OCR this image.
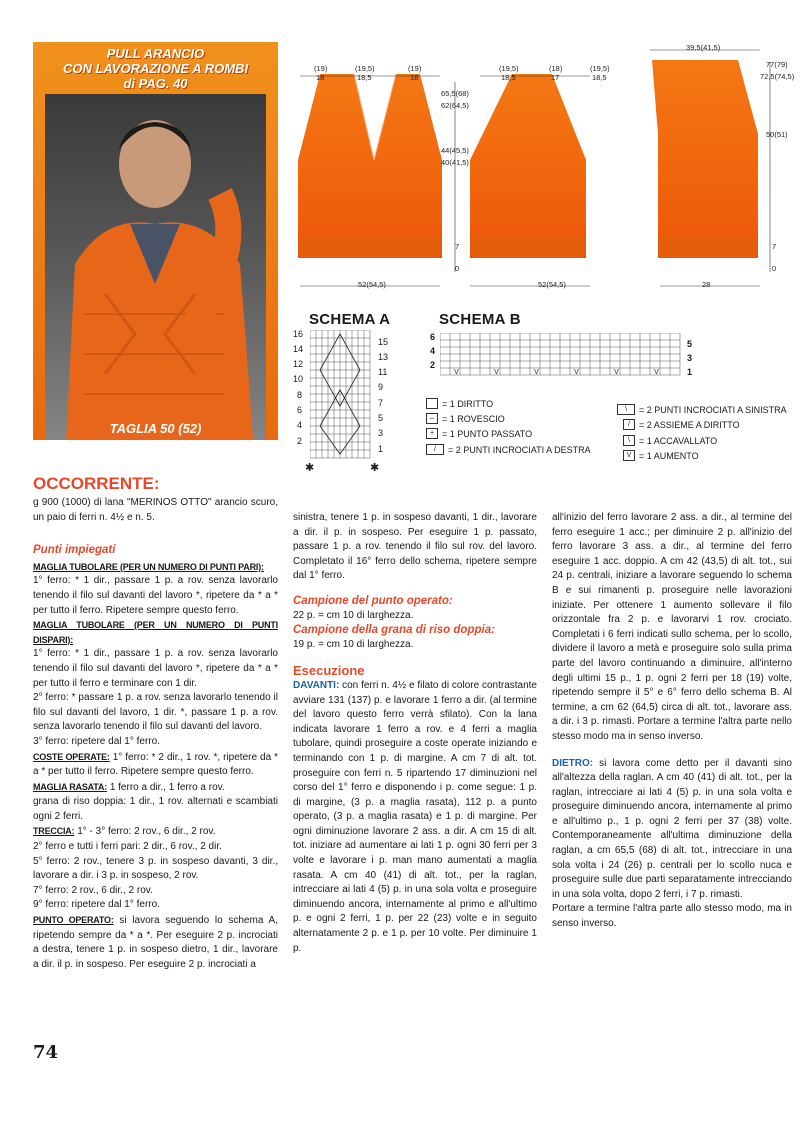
PULL ARANCIO
CON LAVORAZIONE A ROMBI
di PAG. 40
TAGLIA 50 (52)
(19)
18
(19,5)
18,5
(19)
18
65,5(68)
62(64,5)
44(45,5)
40(41,5)
7
0
52(54,5)
(19,5)
18,5
(18)
17
(19,5)
18,5
52(54,5)
39,5(41,5)
77(79)
72,5(74,5)
50(51)
7
0
28
SCHEMA A
16
14
12
10
8
6
4
2
15
13
11
9
7
5
3
1
✱	✱
SCHEMA B
V	V	V	V	V	V
6
4
2
5
3
1
= 1 DIRITTO
– = 1 ROVESCIO
+ = 1 PUNTO PASSATO
/	= 2 PUNTI INCROCIATI A DESTRA
\	= 2 PUNTI INCROCIATI A SINISTRA
/	= 2 ASSIEME A DIRITTO
\	= 1 ACCAVALLATO
V = 1 AUMENTO
OCCORRENTE:

g 900 (1000) di lana "MERINOS OTTO" arancio scuro, un paio di ferri n. 4½ e n. 5.

Punti impiegati

MAGLIA TUBOLARE (PER UN NUMERO DI PUNTI PARI):

1° ferro: * 1 dir., passare 1 p. a rov. senza lavorarlo tenendo il filo sul davanti del lavoro *, ripetere da * a * per tutto il ferro. Ripetere sempre questo ferro.

MAGLIA TUBOLARE (PER UN NUMERO DI PUNTI DISPARI):

1° ferro: * 1 dir., passare 1 p. a rov. senza lavorarlo tenendo il filo sul davanti del lavoro *, ripetere da * a * per tutto il ferro e terminare con 1 dir.

2° ferro: * passare 1 p. a rov. senza lavorarlo tenendo il filo sul davanti del lavoro, 1 dir. *, passare 1 p. a rov. senza lavorarlo tenendo il filo sul davanti del lavoro.

3° ferro: ripetere dal 1° ferro.

COSTE OPERATE: 1° ferro: * 2 dir., 1 rov. *, ripetere da * a * per tutto il ferro. Ripetere sempre questo ferro.

MAGLIA RASATA: 1 ferro a dir., 1 ferro a rov.

grana di riso doppia: 1 dir., 1 rov. alternati e scambiati ogni 2 ferri.

TRECCIA: 1° - 3° ferro: 2 rov., 6 dir., 2 rov.

2° ferro e tutti i ferri pari: 2 dir., 6 rov., 2 dir.

5° ferro: 2 rov., tenere 3 p. in sospeso davanti, 3 dir., lavorare a dir. i 3 p. in sospeso, 2 rov.

7° ferro: 2 rov., 6 dir., 2 rov.

9° ferro: ripetere dal 1° ferro.

PUNTO OPERATO: si lavora seguendo lo schema A, ripetendo sempre da * a *. Per eseguire 2 p. incrociati a destra, tenere 1 p. in sospeso dietro, 1 dir., lavorare a dir. il p. in sospeso. Per eseguire 2 p. incrociati a

sinistra, tenere 1 p. in sospeso davanti, 1 dir., lavorare a dir. il p. in sospeso. Per eseguire 1 p. passato, passare 1 p. a rov. tenendo il filo sul rov. del lavoro. Completato il 16° ferro dello schema, ripetere sempre dal 1° ferro.

Campione del punto operato:

22 p. = cm 10 di larghezza.

Campione della grana di riso doppia:

19 p. = cm 10 di larghezza.

Esecuzione

DAVANTI: con ferri n. 4½ e filato di colore contrastante avviare 131 (137) p. e lavorare 1 ferro a dir. (al termine del lavoro questo ferro verrà sfilato). Con la lana indicata lavorare 1 ferro a rov. e 4 ferri a maglia tubolare, quindi proseguire a coste operate iniziando e terminando con 1 p. di margine. A cm 7 di alt. tot. proseguire con ferri n. 5 ripartendo 17 diminuzioni nel corso del 1° ferro e disponendo i p. come segue: 1 p. di margine, (3 p. a maglia rasata), 112 p. a punto operato, (3 p. a maglia rasata) e 1 p. di margine. Per ogni diminuzione lavorare 2 ass. a dir. A cm 15 di alt. tot. iniziare ad aumentare ai lati 1 p. ogni 30 ferri per 3 volte e lavorare i p. man mano aumentati a maglia rasata. A cm 40 (41) di alt. tot., per la raglan, intrecciare ai lati 4 (5) p. in una sola volta e proseguire diminuendo ancora, internamente al primo e all'ultimo p. e ogni 2 ferri, 1 p. per 22 (23) volte e in seguito alternatamente 2 p. e 1 p. per 10 volte. Per diminuire 1 p.

all'inizio del ferro lavorare 2 ass. a dir., al termine del ferro eseguire 1 acc.; per diminuire 2 p. all'inizio del ferro lavorare 3 ass. a dir., al termine del ferro eseguire 1 acc. doppio. A cm 42 (43,5) di alt. tot., sui 24 p. centrali, iniziare a lavorare seguendo lo schema B e sui rimanenti p. proseguire nelle lavorazioni iniziate. Per ottenere 1 aumento sollevare il filo orizzontale fra 2 p. e lavorarvi 1 rov. crociato. Completati i 6 ferri indicati sullo schema, per lo scollo, dividere il lavoro a metà e proseguire solo sulla prima parte del lavoro continuando a diminuire, all'interno degli ultimi 15 p., 1 p. ogni 2 ferri per 18 (19) volte, ripetendo sempre il 5° e 6° ferro dello schema B. Al termine, a cm 62 (64,5) circa di alt. tot., lavorare ass. a dir. i 3 p. rimasti. Portare a termine l'altra parte nello stesso modo ma in senso inverso.

DIETRO: si lavora come detto per il davanti sino all'altezza della raglan. A cm 40 (41) di alt. tot., per la raglan, intrecciare ai lati 4 (5) p. in una sola volta e proseguire diminuendo ancora, internamente al primo e all'ultimo p., 1 p. ogni 2 ferri per 37 (38) volte. Contemporaneamente all'ultima diminuzione della raglan, a cm 65,5 (68) di alt. tot., intrecciare in una sola volta i 24 (26) p. centrali per lo scollo nuca e proseguire sulle due parti separatamente intrecciando in una sola volta, dopo 2 ferri, i 7 p. rimasti.

Portare a termine l'altra parte allo stesso modo, ma in senso inverso.

74
